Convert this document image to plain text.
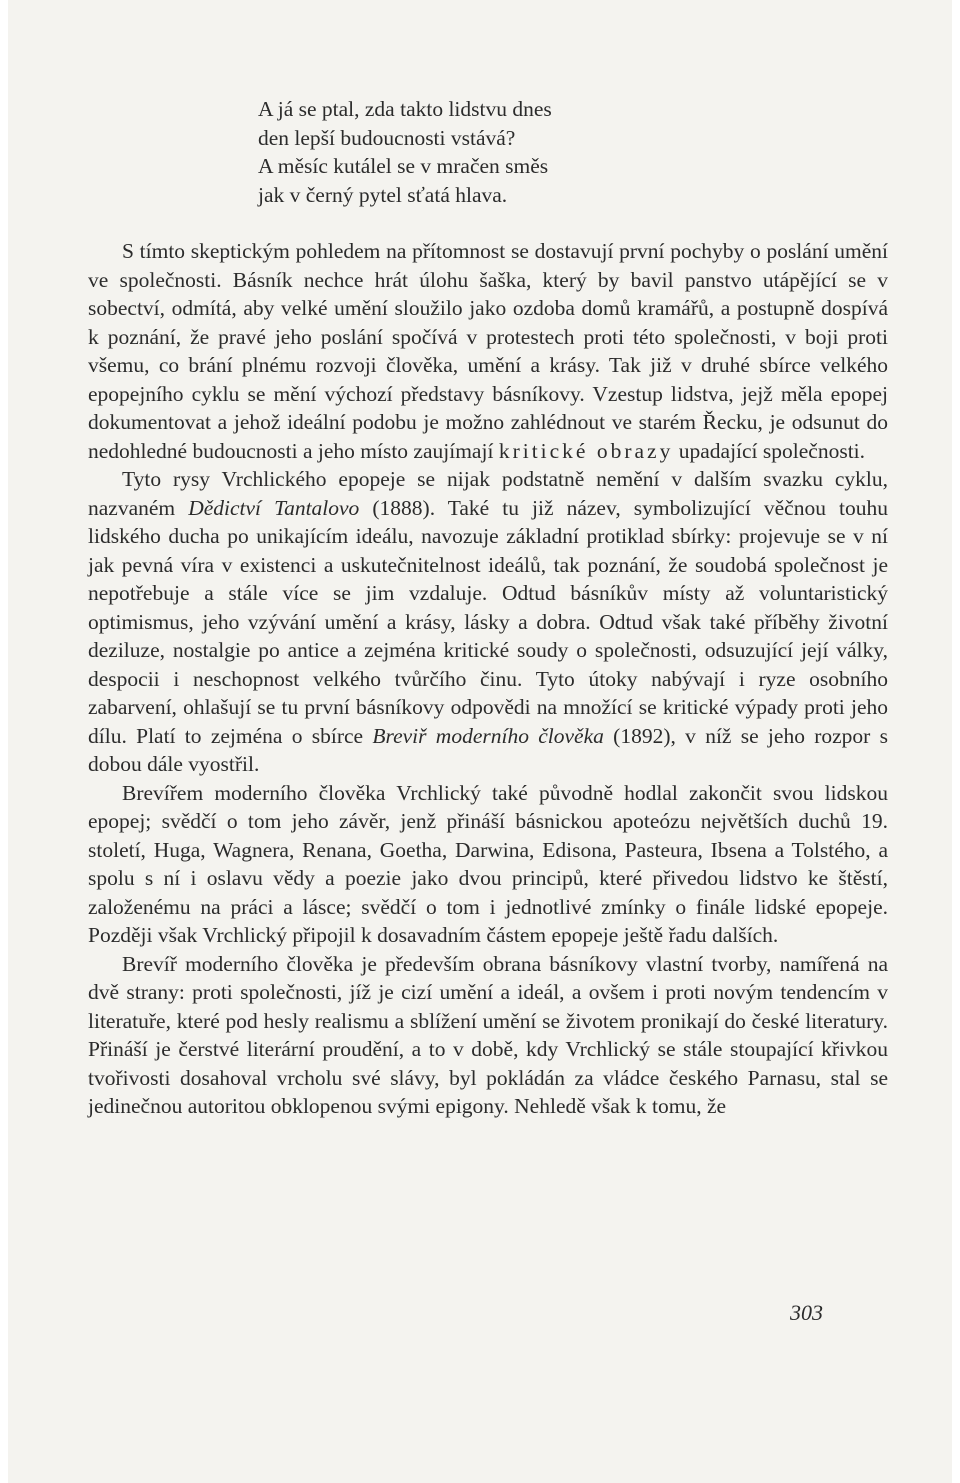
A já se ptal, zda takto lidstvu dnes
den lepší budoucnosti vstává?
A měsíc kutálel se v mračen směs
jak v černý pytel sťatá hlava.

S tímto skeptickým pohledem na přítomnost se dostavují první pochyby o poslání umění ve společnosti. Básník nechce hrát úlohu šaška, který by bavil panstvo utápějící se v sobectví, odmítá, aby velké umění sloužilo jako ozdoba domů kramářů, a postupně dospívá k poznání, že pravé jeho poslání spočívá v protestech proti této společnosti, v boji proti všemu, co brání plnému rozvoji člověka, umění a krásy. Tak již v druhé sbírce velkého epopejního cyklu se mění výchozí představy básníkovy. Vzestup lidstva, jejž měla epopej dokumentovat a jehož ideální podobu je možno zahlédnout ve starém Řecku, je odsunut do nedohledné budoucnosti a jeho místo zaujímají kritické obrazy upadající společnosti.

Tyto rysy Vrchlického epopeje se nijak podstatně nemění v dalším svazku cyklu, nazvaném Dědictví Tantalovo (1888). Také tu již název, symbolizující věčnou touhu lidského ducha po unikajícím ideálu, navozuje základní protiklad sbírky: projevuje se v ní jak pevná víra v existenci a uskutečnitelnost ideálů, tak poznání, že soudobá společnost je nepotřebuje a stále více se jim vzdaluje. Odtud básníkův místy až voluntaristický optimismus, jeho vzývání umění a krásy, lásky a dobra. Odtud však také příběhy životní deziluze, nostalgie po antice a zejména kritické soudy o společnosti, odsuzující její války, despocii i neschopnost velkého tvůrčího činu. Tyto útoky nabývají i ryze osobního zabarvení, ohlašují se tu první básníkovy odpovědi na množící se kritické výpady proti jeho dílu. Platí to zejména o sbírce Breviř moderního člověka (1892), v níž se jeho rozpor s dobou dále vyostřil.

Brevířem moderního člověka Vrchlický také původně hodlal zakončit svou lidskou epopej; svědčí o tom jeho závěr, jenž přináší básnickou apoteózu největších duchů 19. století, Huga, Wagnera, Renana, Goetha, Darwina, Edisona, Pasteura, Ibsena a Tolstého, a spolu s ní i oslavu vědy a poezie jako dvou principů, které přivedou lidstvo ke štěstí, založenému na práci a lásce; svědčí o tom i jednotlivé zmínky o finále lidské epopeje. Později však Vrchlický připojil k dosavadním částem epopeje ještě řadu dalších.

Brevíř moderního člověka je především obrana básníkovy vlastní tvorby, namířená na dvě strany: proti společnosti, jíž je cizí umění a ideál, a ovšem i proti novým tendencím v literatuře, které pod hesly realismu a sblížení umění se životem pronikají do české literatury. Přináší je čerstvé literární proudění, a to v době, kdy Vrchlický se stále stoupající křivkou tvořivosti dosahoval vrcholu své slávy, byl pokládán za vládce českého Parnasu, stal se jedinečnou autoritou obklopenou svými epigony. Nehledě však k tomu, že

303
